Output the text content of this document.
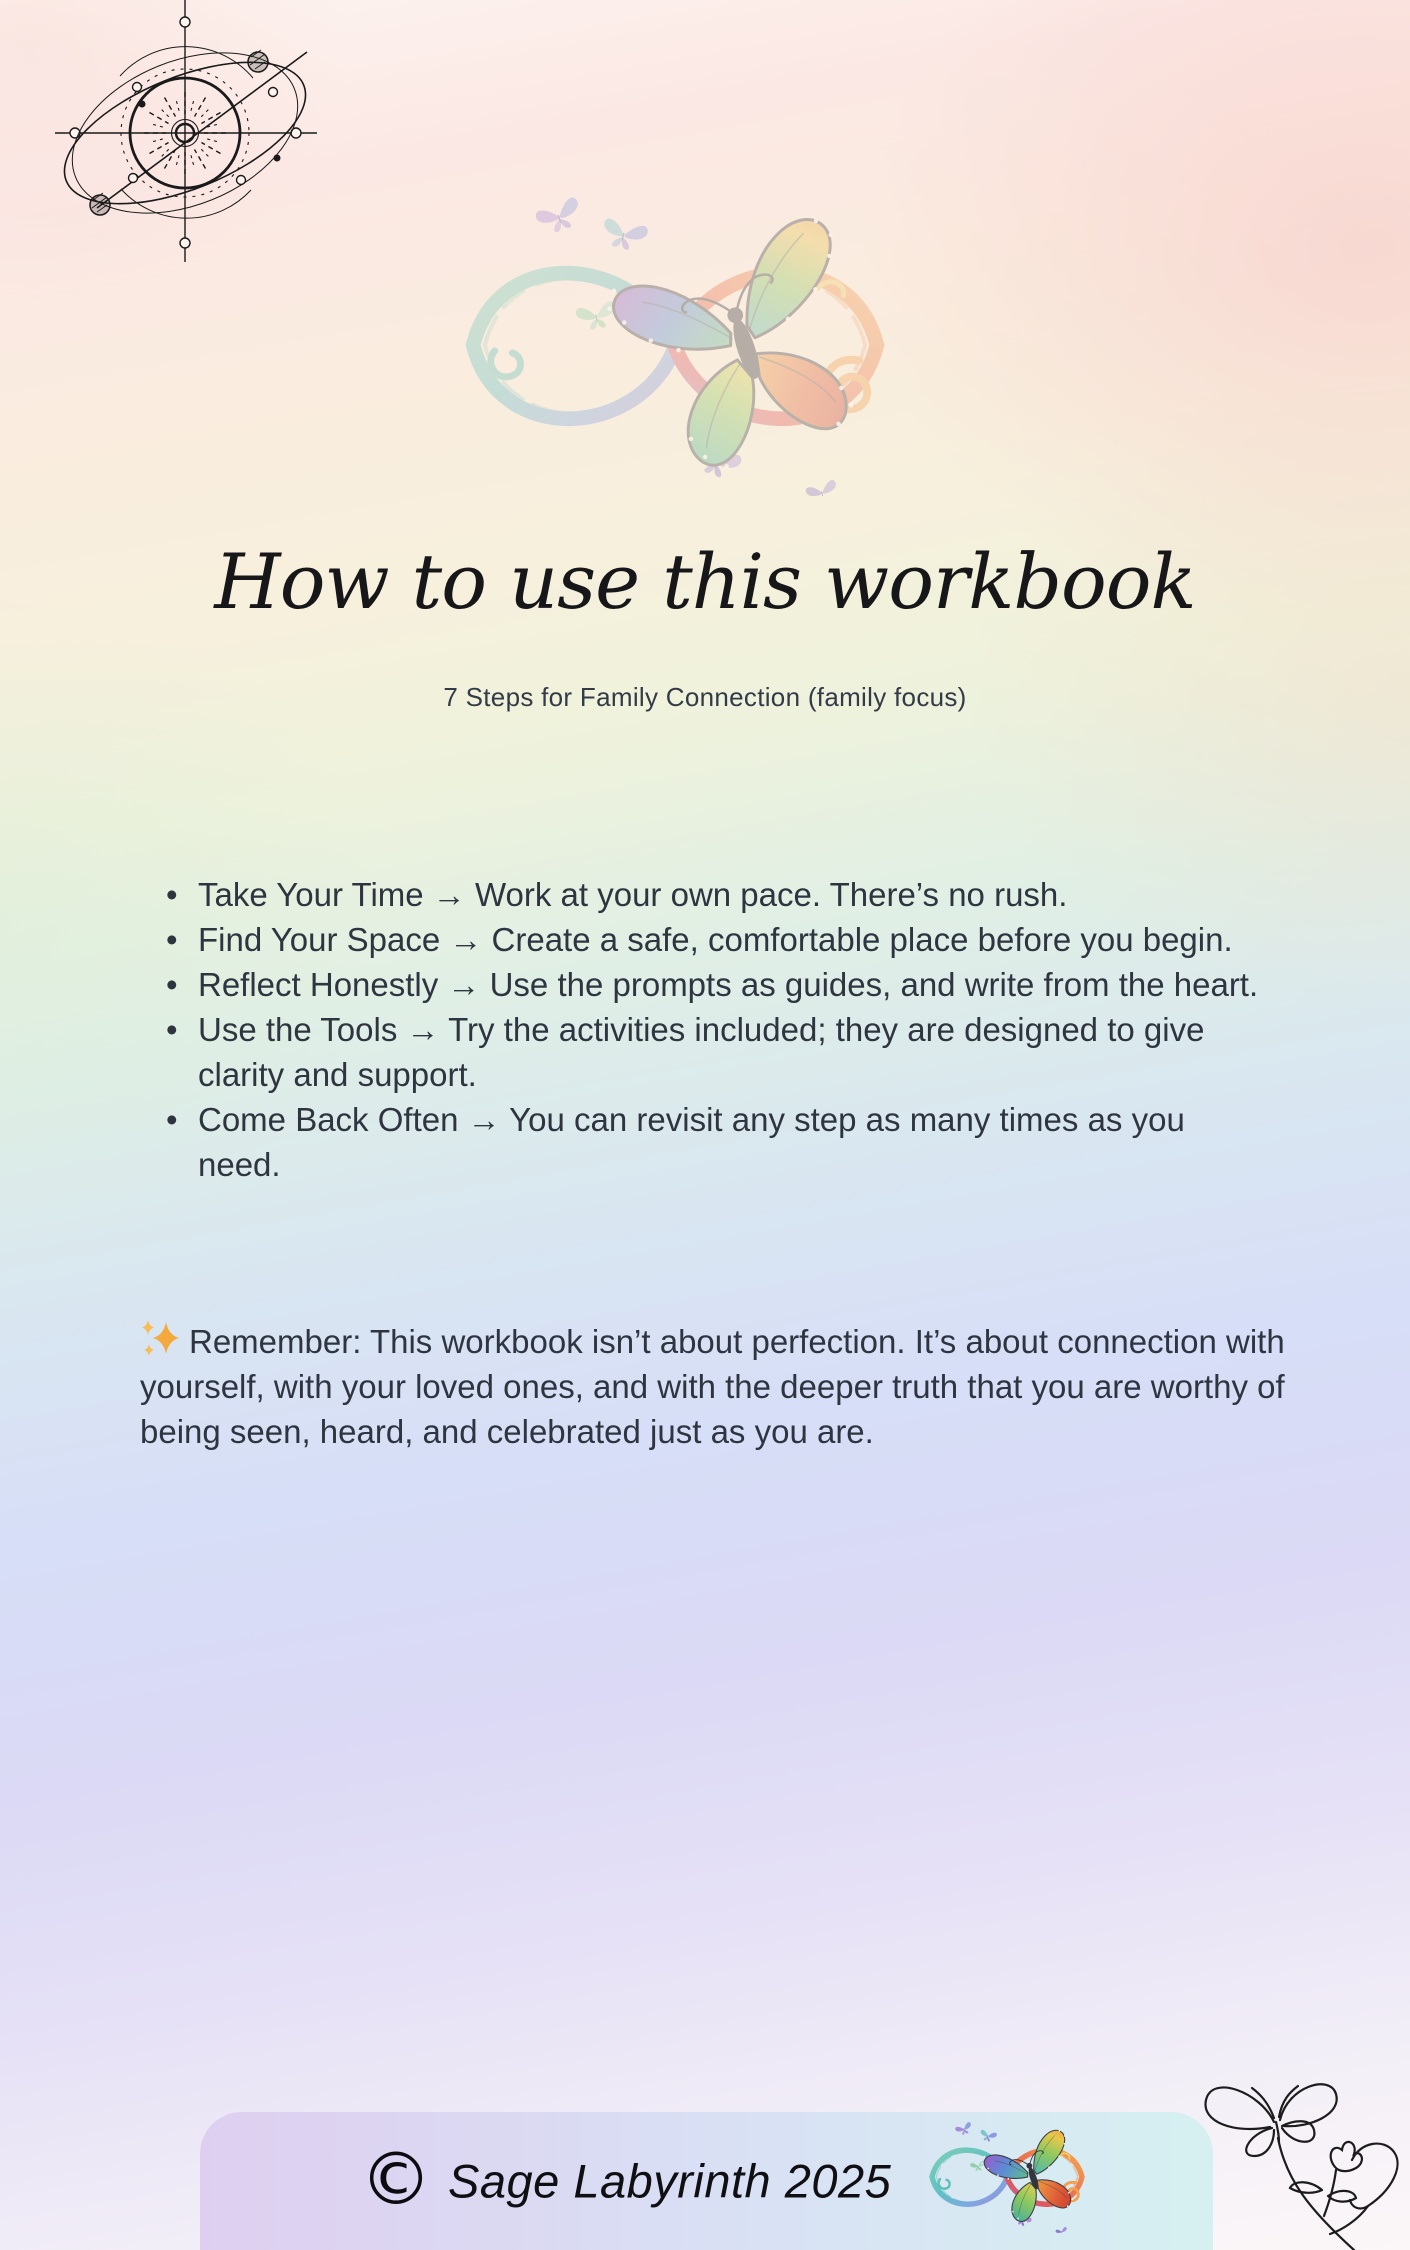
How to use this workbook
7 Steps for Family Connection (family focus)
• Take Your Time → Work at your own pace. There’s no rush.
• Find Your Space → Create a safe, comfortable place before you begin.
• Reflect Honestly → Use the prompts as guides, and write from the heart.
• Use the Tools → Try the activities included; they are designed to give clarity and support.
• Come Back Often → You can revisit any step as many times as you need.

Remember: This workbook isn’t about perfection. It’s about connection with yourself, with your loved ones, and with the deeper truth that you are worthy of being seen, heard, and celebrated just as you are.

© Sage Labyrinth 2025
